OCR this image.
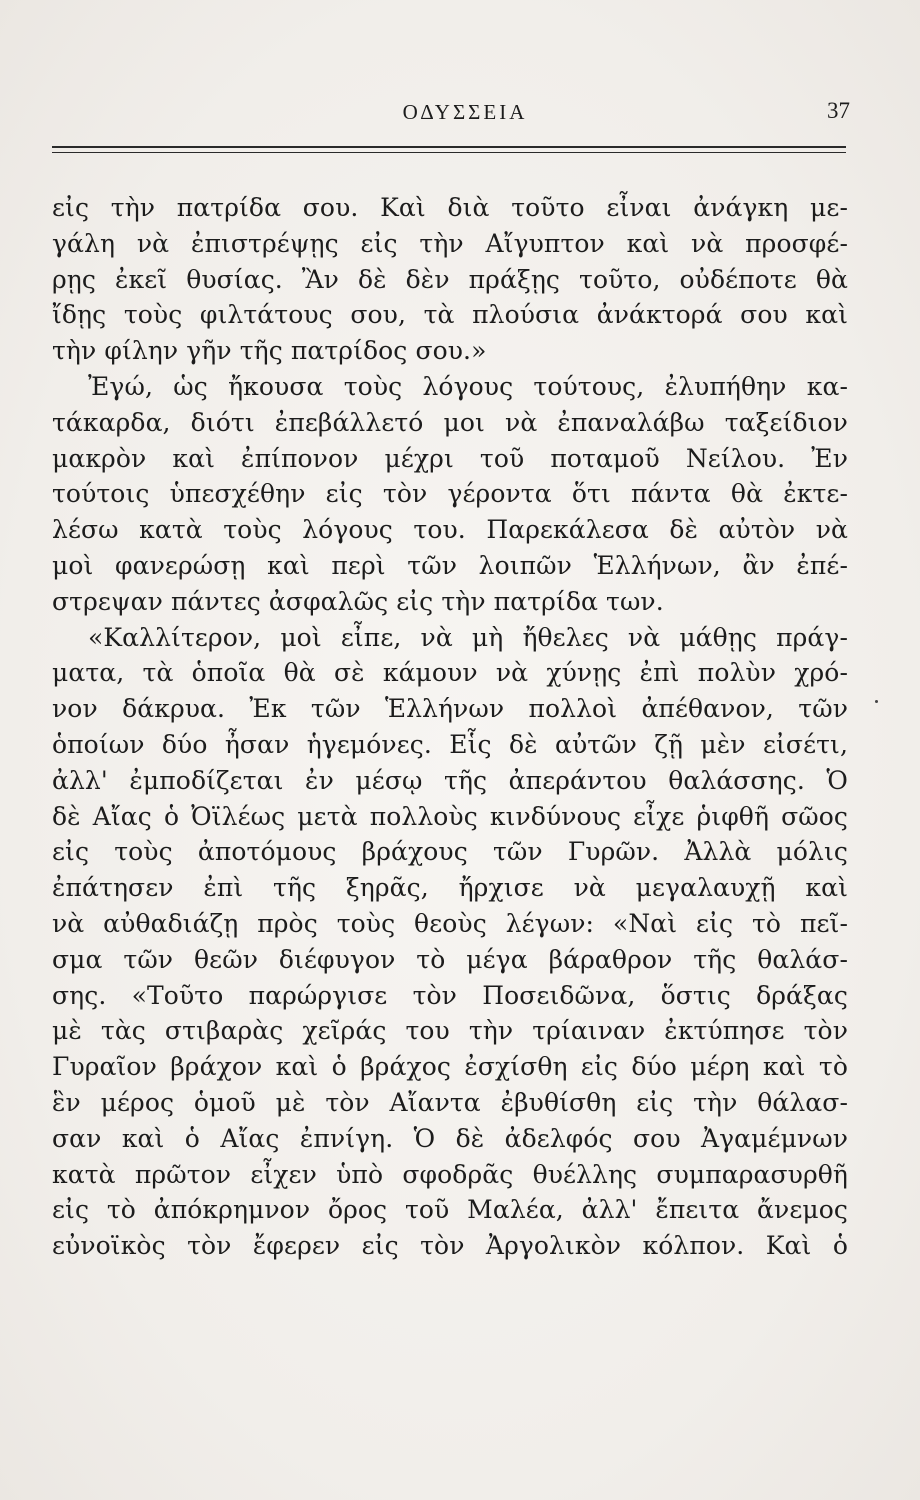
ΟΔΥΣΣΕΙΑ	37
εἰς τὴν πατρίδα σου. Καὶ διὰ τοῦτο εἶναι ἀνάγκη με-
γάλη νὰ ἐπιστρέψῃς εἰς τὴν Αἴγυπτον καὶ νὰ προσφέ-
ρῃς ἐκεῖ θυσίας. Ἂν δὲ δὲν πράξῃς τοῦτο, οὐδέποτε θὰ
ἴδῃς τοὺς φιλτάτους σου, τὰ πλούσια ἀνάκτορά σου καὶ
τὴν φίλην γῆν τῆς πατρίδος σου.»
Ἐγώ, ὡς ἤκουσα τοὺς λόγους τούτους, ἐλυπήθην κα-
τάκαρδα, διότι ἐπεβάλλετό μοι νὰ ἐπαναλάβω ταξείδιον
μακρὸν καὶ ἐπίπονον μέχρι τοῦ ποταμοῦ Νείλου. Ἐν
τούτοις ὑπεσχέθην εἰς τὸν γέροντα ὅτι πάντα θὰ ἐκτε-
λέσω κατὰ τοὺς λόγους του. Παρεκάλεσα δὲ αὐτὸν νὰ
μοὶ φανερώσῃ καὶ περὶ τῶν λοιπῶν Ἑλλήνων, ἂν ἐπέ-
στρεψαν πάντες ἀσφαλῶς εἰς τὴν πατρίδα των.
«Καλλίτερον, μοὶ εἶπε, νὰ μὴ ἤθελες νὰ μάθῃς πράγ-
ματα, τὰ ὁποῖα θὰ σὲ κάμουν νὰ χύνῃς ἐπὶ πολὺν χρό-
νον δάκρυα. Ἐκ τῶν Ἑλλήνων πολλοὶ ἀπέθανον, τῶν
ὁποίων δύο ἦσαν ἡγεμόνες. Εἷς δὲ αὐτῶν ζῇ μὲν εἰσέτι,
ἀλλ' ἐμποδίζεται ἐν μέσῳ τῆς ἀπεράντου θαλάσσης. Ὁ
δὲ Αἴας ὁ Ὀϊλέως μετὰ πολλοὺς κινδύνους εἶχε ῥιφθῆ σῶος
εἰς τοὺς ἀποτόμους βράχους τῶν Γυρῶν. Ἀλλὰ μόλις
ἐπάτησεν ἐπὶ τῆς ξηρᾶς, ἤρχισε νὰ μεγαλαυχῇ καὶ
νὰ αὐθαδιάζῃ πρὸς τοὺς θεοὺς λέγων: «Ναὶ εἰς τὸ πεῖ-
σμα τῶν θεῶν διέφυγον τὸ μέγα βάραθρον τῆς θαλάσ-
σης. «Τοῦτο παρώργισε τὸν Ποσειδῶνα, ὅστις δράξας
μὲ τὰς στιβαρὰς χεῖράς του τὴν τρίαιναν ἐκτύπησε τὸν
Γυραῖον βράχον καὶ ὁ βράχος ἐσχίσθη εἰς δύο μέρη καὶ τὸ
ἓν μέρος ὁμοῦ μὲ τὸν Αἴαντα ἐβυθίσθη εἰς τὴν θάλασ-
σαν καὶ ὁ Αἴας ἐπνίγη. Ὁ δὲ ἀδελφός σου Ἀγαμέμνων
κατὰ πρῶτον εἶχεν ὑπὸ σφοδρᾶς θυέλλης συμπαρασυρθῆ
εἰς τὸ ἀπόκρημνον ὄρος τοῦ Μαλέα, ἀλλ' ἔπειτα ἄνεμος
εὐνοϊκὸς τὸν ἔφερεν εἰς τὸν Ἀργολικὸν κόλπον. Καὶ ὁ
